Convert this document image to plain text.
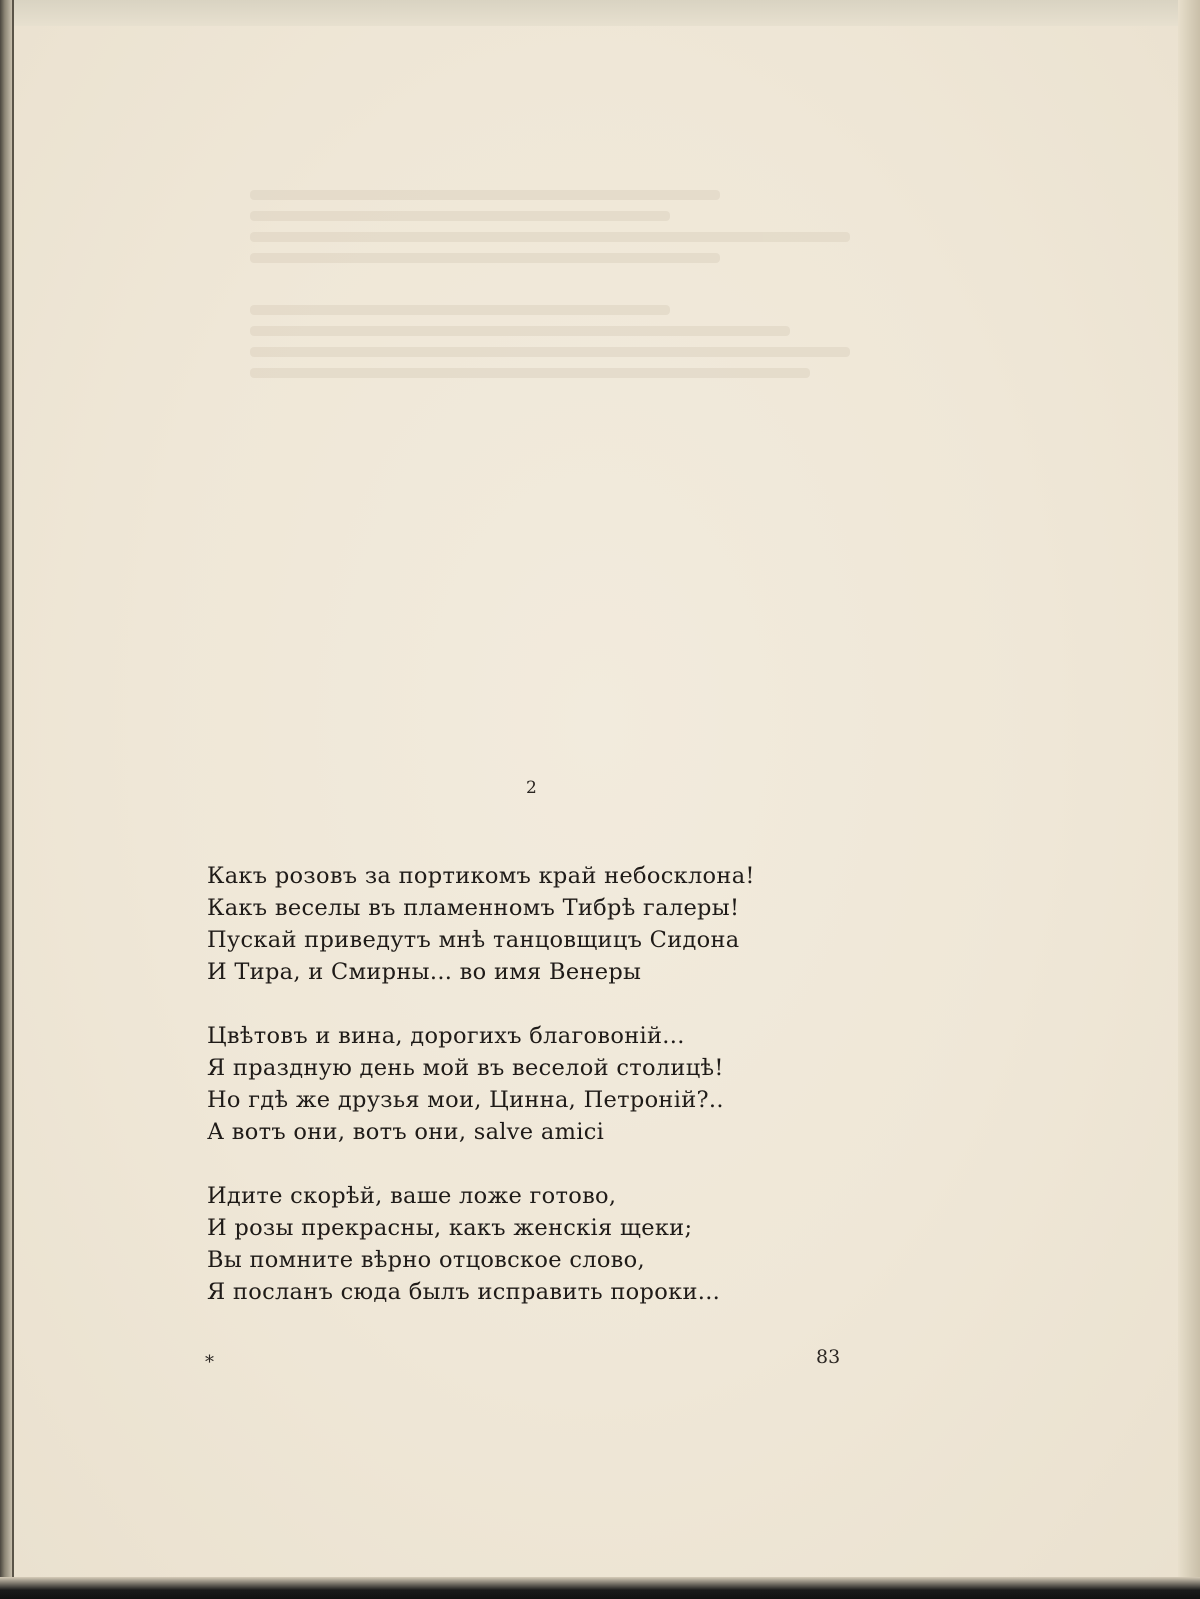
2
Какъ розовъ за портикомъ край небосклона!
Какъ веселы въ пламенномъ Тибрѣ галеры!
Пускай приведутъ мнѣ танцовщицъ Сидона
И Тира, и Смирны... во имя Венеры
Цвѣтовъ и вина, дорогихъ благовоній...
Я праздную день мой въ веселой столицѣ!
Но гдѣ же друзья мои, Цинна, Петроній?..
А вотъ они, вотъ они, salve amici
Идите скорѣй, ваше ложе готово,
И розы прекрасны, какъ женскія щеки;
Вы помните вѣрно отцовское слово,
Я посланъ сюда былъ исправить пороки...
*	83
